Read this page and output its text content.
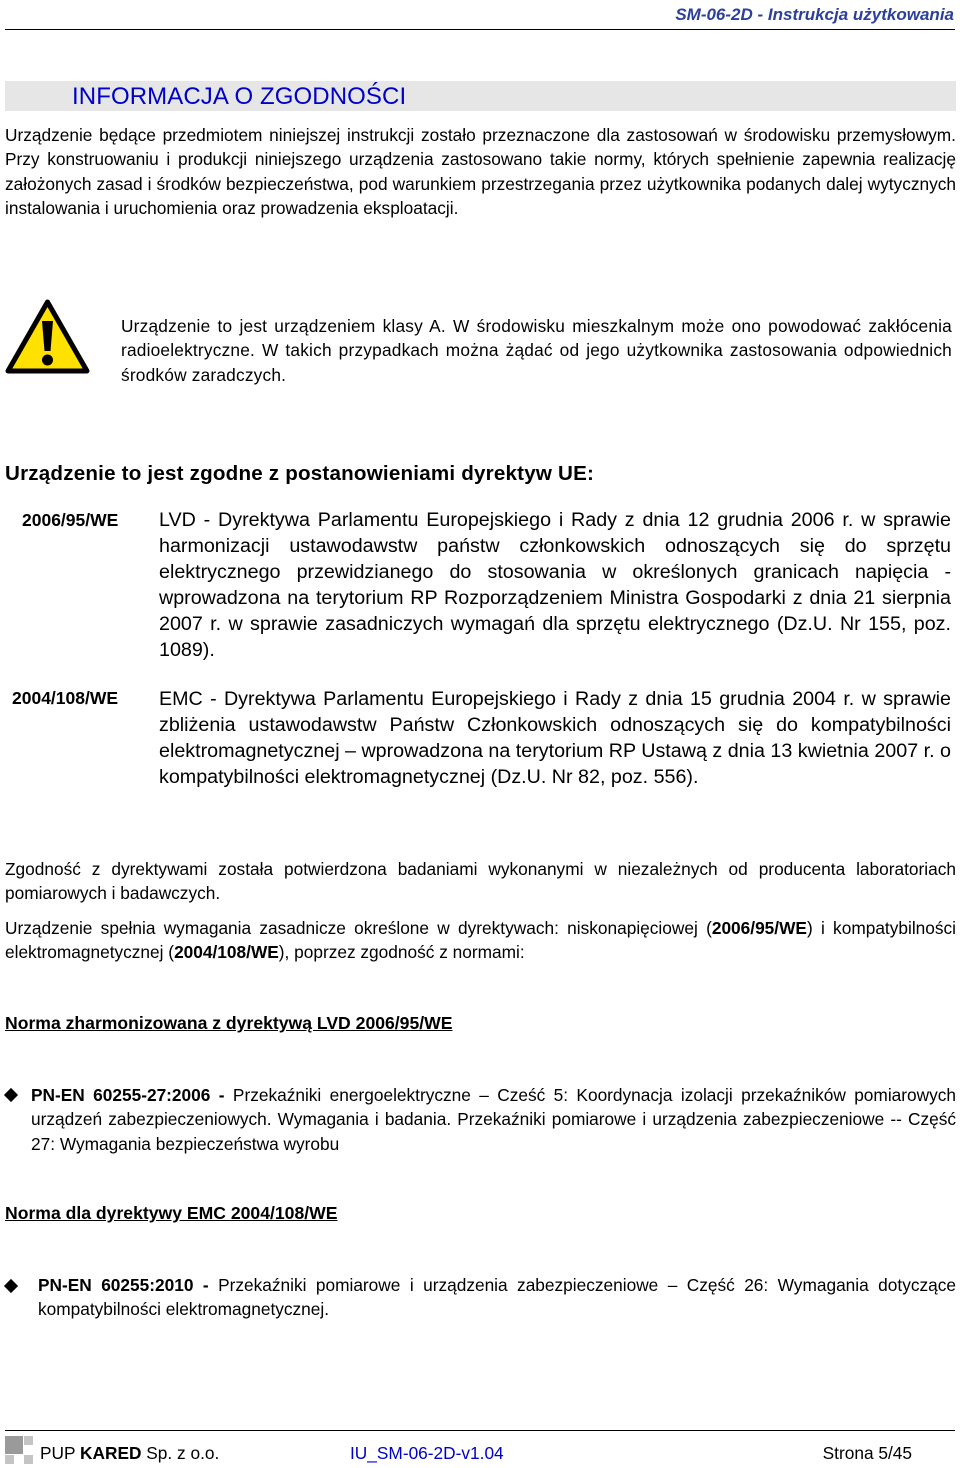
SM-06-2D - Instrukcja użytkowania
INFORMACJA O ZGODNOŚCI

Urządzenie będące przedmiotem niniejszej instrukcji zostało przeznaczone dla zastosowań w środowisku przemysłowym. Przy konstruowaniu i produkcji niniejszego urządzenia zastosowano takie normy, których spełnienie zapewnia realizację założonych zasad i środków bezpieczeństwa, pod warunkiem przestrzegania przez użytkownika podanych dalej wytycznych instalowania i uruchomienia oraz prowadzenia eksploatacji.

Urządzenie to jest urządzeniem klasy A. W środowisku mieszkalnym może ono powodować zakłócenia radioelektryczne. W takich przypadkach można żądać od jego użytkownika zastosowania odpowiednich środków zaradczych.
Urządzenie to jest zgodne z postanowieniami dyrektyw UE:
2006/95/WE LVD - Dyrektywa Parlamentu Europejskiego i Rady z dnia 12 grudnia 2006 r. w sprawie harmonizacji ustawodawstw państw członkowskich odnoszących się do sprzętu elektrycznego przewidzianego do stosowania w określonych granicach napięcia - wprowadzona na terytorium RP Rozporządzeniem Ministra Gospodarki z dnia 21 sierpnia 2007 r. w sprawie zasadniczych wymagań dla sprzętu elektrycznego (Dz.U. Nr 155, poz. 1089).
2004/108/WE EMC - Dyrektywa Parlamentu Europejskiego i Rady z dnia 15 grudnia 2004 r. w sprawie zbliżenia ustawodawstw Państw Członkowskich odnoszących się do kompatybilności elektromagnetycznej – wprowadzona na terytorium RP Ustawą z dnia 13 kwietnia 2007 r. o kompatybilności elektromagnetycznej (Dz.U. Nr 82, poz. 556).

Zgodność z dyrektywami została potwierdzona badaniami wykonanymi w niezależnych od producenta laboratoriach pomiarowych i badawczych.

Urządzenie spełnia wymagania zasadnicze określone w dyrektywach: niskonapięciowej (2006/95/WE) i kompatybilności elektromagnetycznej (2004/108/WE), poprzez zgodność z normami:

Norma zharmonizowana z dyrektywą LVD 2006/95/WE
PN-EN 60255-27:2006 - Przekaźniki energoelektryczne – Cześć 5: Koordynacja izolacji przekaźników pomiarowych urządzeń zabezpieczeniowych. Wymagania i badania. Przekaźniki pomiarowe i urządzenia zabezpieczeniowe -- Część 27: Wymagania bezpieczeństwa wyrobu
Norma dla dyrektywy EMC 2004/108/WE
PN-EN 60255:2010 - Przekaźniki pomiarowe i urządzenia zabezpieczeniowe – Część 26: Wymagania dotyczące kompatybilności elektromagnetycznej.
PUP KARED Sp. z o.o.	IU_SM-06-2D-v1.04	Strona 5/45
